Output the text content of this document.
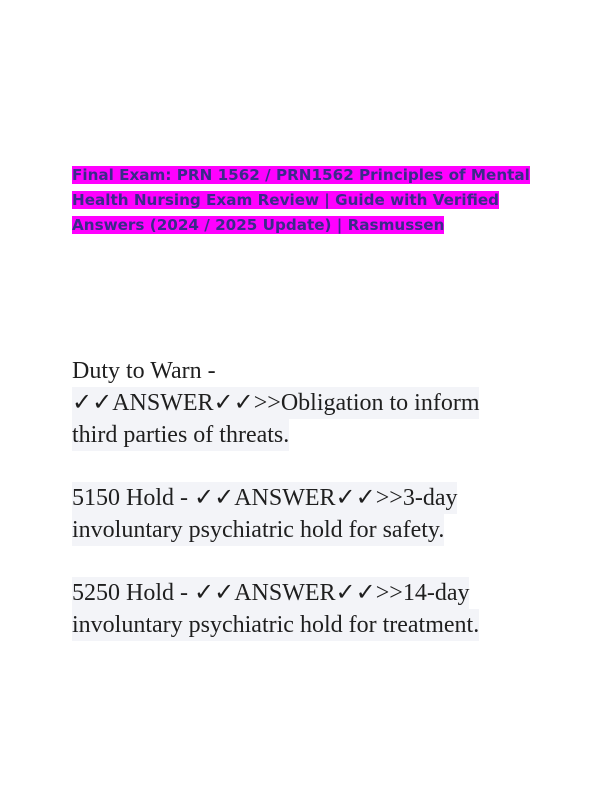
Final Exam: PRN 1562 / PRN1562 Principles of Mental
Health Nursing Exam Review | Guide with Verified
Answers (2024 / 2025 Update) | Rasmussen
Duty to Warn -
✓✓ANSWER✓✓>>Obligation to inform
third parties of threats.
5150 Hold - ✓✓ANSWER✓✓>>3-day
involuntary psychiatric hold for safety.
5250 Hold - ✓✓ANSWER✓✓>>14-day
involuntary psychiatric hold for treatment.
